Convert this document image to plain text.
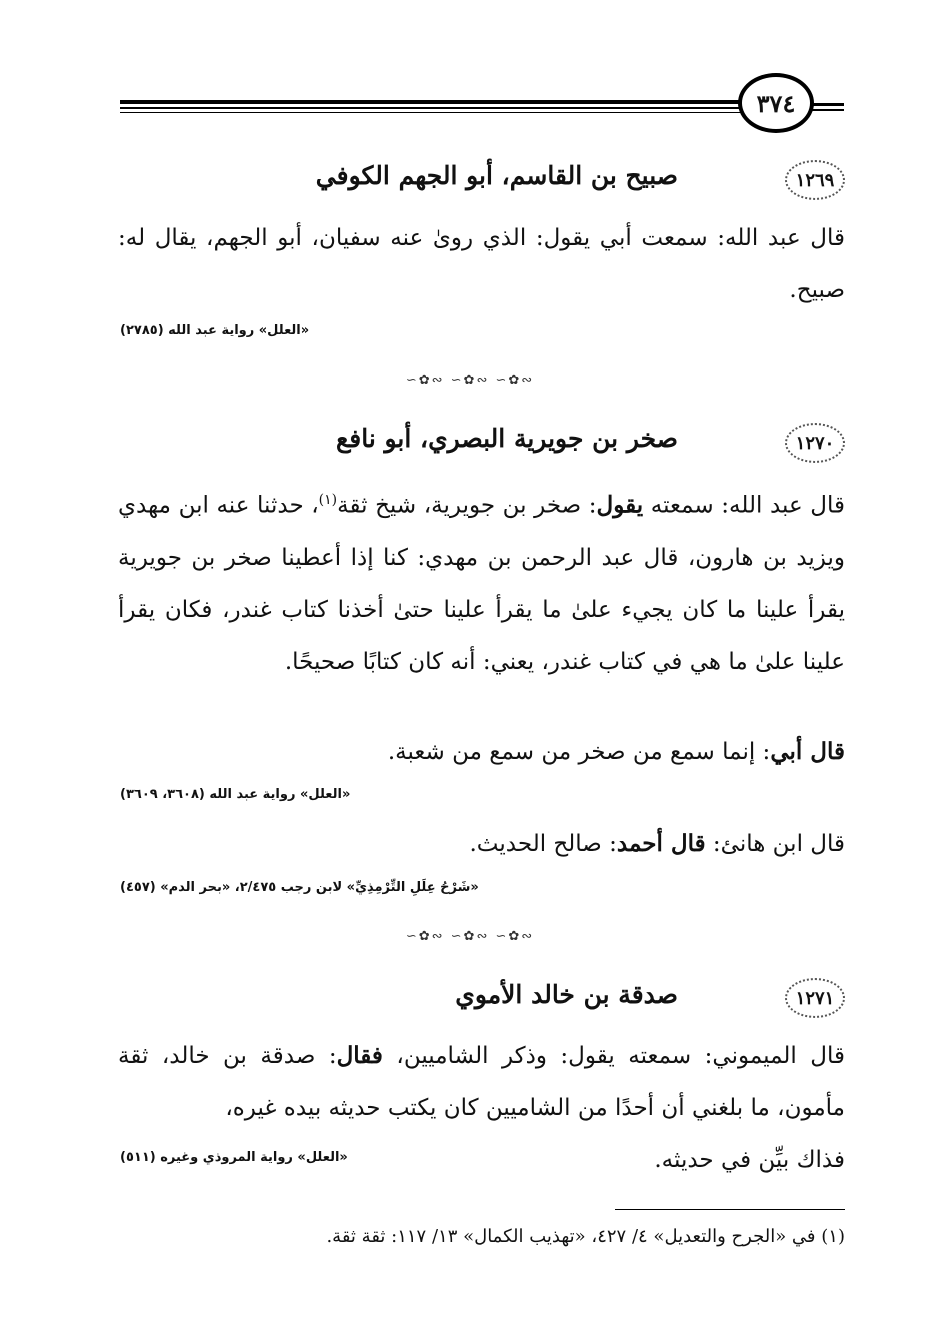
٣٧٤
١٢٦٩
صبيح بن القاسم، أبو الجهم الكوفي
قال عبد الله: سمعت أبي يقول: الذي روىٰ عنه سفيان، أبو الجهم، يقال له: صبيح.
«العلل» رواية عبد الله (٢٧٨٥)
∽✿∾ ∽✿∾ ∽✿∾
١٢٧٠
صخر بن جويرية البصري، أبو نافع
قال عبد الله: سمعته يقول: صخر بن جويرية، شيخ ثقة$^{(١)}$، حدثنا عنه ابن مهدي ويزيد بن هارون، قال عبد الرحمن بن مهدي: كنا إذا أعطينا صخر بن جويرية يقرأ علينا ما كان يجيء علىٰ ما يقرأ علينا حتىٰ أخذنا كتاب غندر، فكان يقرأ علينا علىٰ ما هي في كتاب غندر، يعني: أنه كان كتابًا صحيحًا.
قال أبي: إنما سمع من صخر من سمع من شعبة.
«العلل» رواية عبد الله (٣٦٠٨، ٣٦٠٩)
قال ابن هانئ: قال أحمد: صالح الحديث.
«شَرْحُ عِلَلِ التِّرْمِذِيِّ» لابن رجب ٢/٤٧٥، «بحر الدم» (٤٥٧)
∽✿∾ ∽✿∾ ∽✿∾
١٢٧١
صدقة بن خالد الأموي
قال الميموني: سمعته يقول: وذكر الشاميين، فقال: صدقة بن خالد، ثقة مأمون، ما بلغني أن أحدًا من الشاميين كان يكتب حديثه بيده غيره،
فذاك بيِّن في حديثه.
«العلل» رواية المروذي وغيره (٥١١)
(١) في «الجرح والتعديل» ٤/ ٤٢٧، «تهذيب الكمال» ١٣/ ١١٧: ثقة ثقة.
